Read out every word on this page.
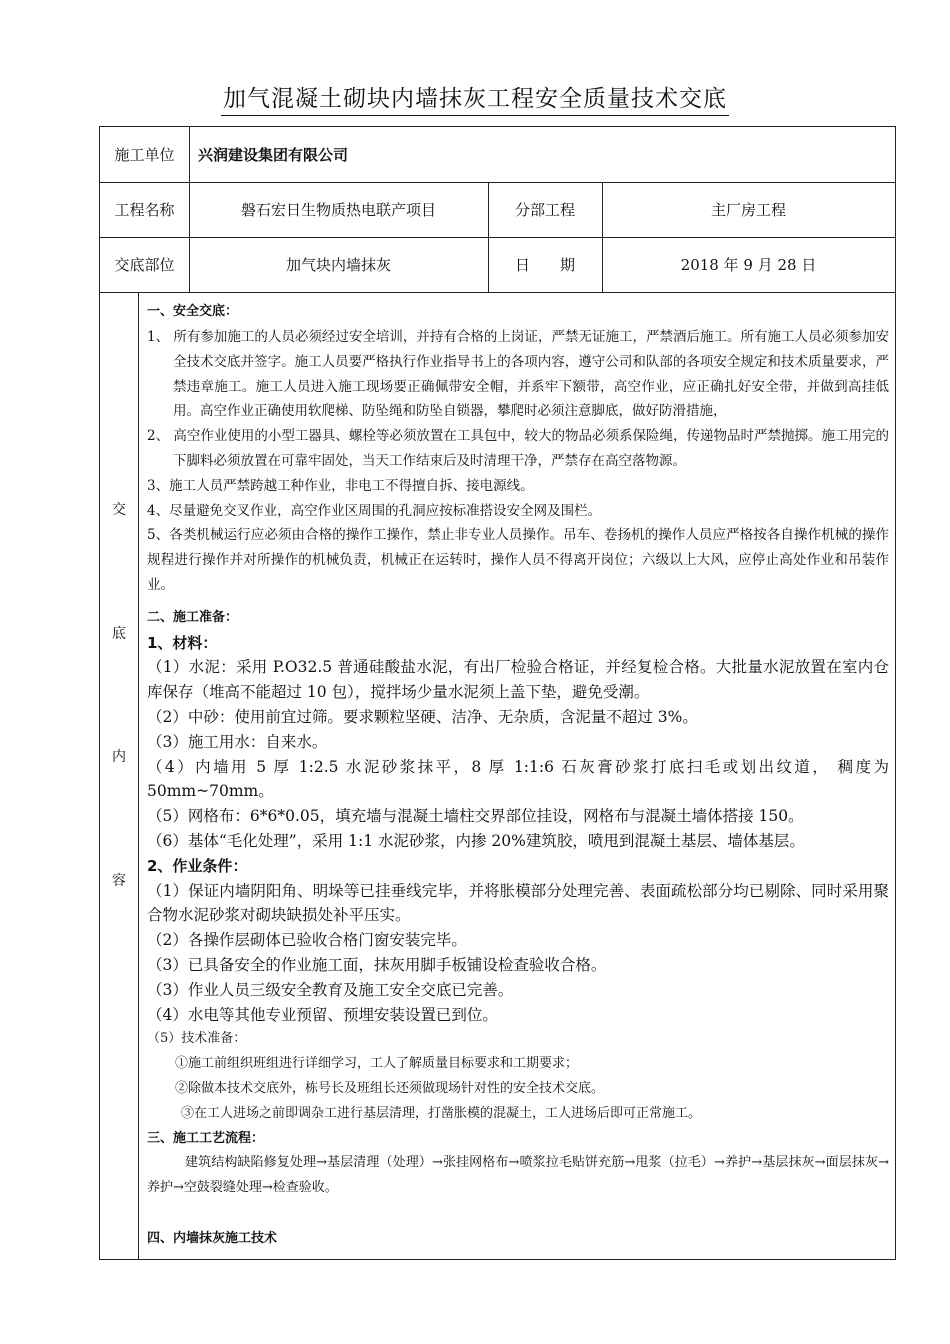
加气混凝土砌块内墙抹灰工程安全质量技术交底
施工单位	兴润建设集团有限公司
工程名称	磐石宏日生物质热电联产项目	分部工程	主厂房工程
交底部位	加气块内墙抹灰	日　　期	2018 年 9 月 28 日
交
底
内
容

一、安全交底：

1、 所有参加施工的人员必须经过安全培训，并持有合格的上岗证，严禁无证施工，严禁酒后施工。所有施工人员必须参加安全技术交底并签字。施工人员要严格执行作业指导书上的各项内容，遵守公司和队部的各项安全规定和技术质量要求，严禁违章施工。施工人员进入施工现场要正确佩带安全帽，并系牢下额带，高空作业，应正确扎好安全带，并做到高挂低用。高空作业正确使用软爬梯、防坠绳和防坠自锁器，攀爬时必须注意脚底，做好防滑措施，

2、 高空作业使用的小型工器具、螺栓等必须放置在工具包中，较大的物品必须系保险绳，传递物品时严禁抛掷。施工用完的下脚料必须放置在可靠牢固处，当天工作结束后及时清理干净，严禁存在高空落物源。

3、施工人员严禁跨越工种作业，非电工不得擅自拆、接电源线。

4、尽量避免交叉作业，高空作业区周围的孔洞应按标准搭设安全网及围栏。

5、各类机械运行应必须由合格的操作工操作，禁止非专业人员操作。吊车、卷扬机的操作人员应严格按各自操作机械的操作规程进行操作并对所操作的机械负责，机械正在运转时，操作人员不得离开岗位；六级以上大风，应停止高处作业和吊装作业。

二、施工准备：

1、材料：

（1）水泥：采用 P.O32.5 普通硅酸盐水泥，有出厂检验合格证，并经复检合格。大批量水泥放置在室内仓库保存（堆高不能超过 10 包），搅拌场少量水泥须上盖下垫，避免受潮。

（2）中砂：使用前宜过筛。要求颗粒坚硬、洁净、无杂质，含泥量不超过 3%。

（3）施工用水：自来水。

（4）内墙用 5 厚 1:2.5 水泥砂浆抹平，8 厚 1:1:6 石灰膏砂浆打底扫毛或划出纹道， 稠度为 50mm~70mm。

（5）网格布：6*6*0.05，填充墙与混凝土墙柱交界部位挂设，网格布与混凝土墙体搭接 150。

（6）基体“毛化处理”，采用 1:1 水泥砂浆，内掺 20%建筑胶，喷甩到混凝土基层、墙体基层。

2、作业条件：

（1）保证内墙阴阳角、明垛等已挂垂线完毕，并将胀模部分处理完善、表面疏松部分均已剔除、同时采用聚合物水泥砂浆对砌块缺损处补平压实。

（2）各操作层砌体已验收合格门窗安装完毕。

（3）已具备安全的作业施工面，抹灰用脚手板铺设检查验收合格。

（3）作业人员三级安全教育及施工安全交底已完善。

（4）水电等其他专业预留、预埋安装设置已到位。

（5）技术准备：

①施工前组织班组进行详细学习，工人了解质量目标要求和工期要求；

②除做本技术交底外，栋号长及班组长还须做现场针对性的安全技术交底。

③在工人进场之前即调杂工进行基层清理，打凿胀模的混凝土，工人进场后即可正常施工。

三、施工工艺流程：

建筑结构缺陷修复处理→基层清理（处理）→张挂网格布→喷浆拉毛贴饼充筋→甩浆（拉毛）→养护→基层抹灰→面层抹灰→养护→空鼓裂缝处理→检查验收。

四、内墙抹灰施工技术
